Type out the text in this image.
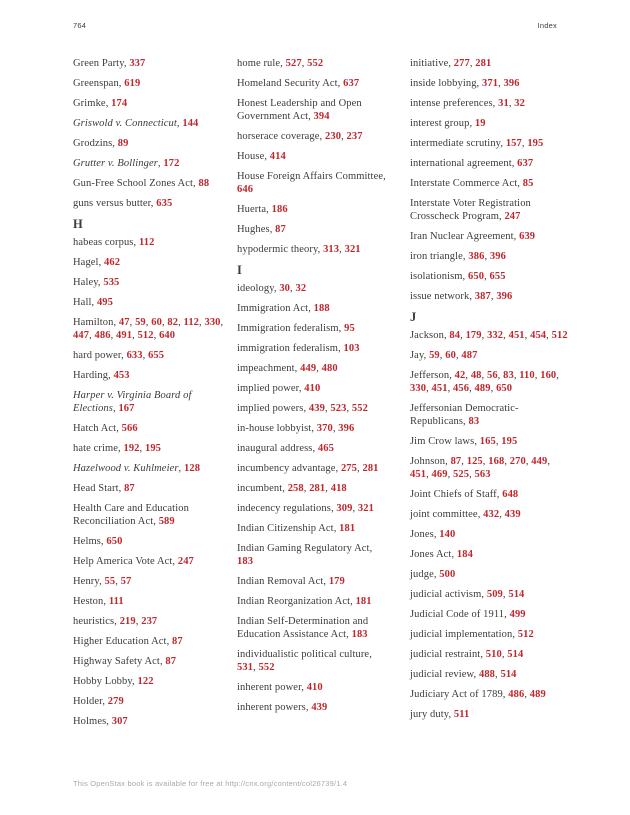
764	Index
Green Party, 337
Greenspan, 619
Grimke, 174
Griswold v. Connecticut, 144
Grodzins, 89
Grutter v. Bollinger, 172
Gun-Free School Zones Act, 88
guns versus butter, 635
H
habeas corpus, 112
Hagel, 462
Haley, 535
Hall, 495
Hamilton, 47, 59, 60, 82, 112, 330, 447, 486, 491, 512, 640
hard power, 633, 655
Harding, 453
Harper v. Virginia Board of Elections, 167
Hatch Act, 566
hate crime, 192, 195
Hazelwood v. Kuhlmeier, 128
Head Start, 87
Health Care and Education Reconciliation Act, 589
Helms, 650
Help America Vote Act, 247
Henry, 55, 57
Heston, 111
heuristics, 219, 237
Higher Education Act, 87
Highway Safety Act, 87
Hobby Lobby, 122
Holder, 279
Holmes, 307
home rule, 527, 552
Homeland Security Act, 637
Honest Leadership and Open Government Act, 394
horserace coverage, 230, 237
House, 414
House Foreign Affairs Committee, 646
Huerta, 186
Hughes, 87
hypodermic theory, 313, 321
I
ideology, 30, 32
Immigration Act, 188
Immigration federalism, 95
immigration federalism, 103
impeachment, 449, 480
implied power, 410
implied powers, 439, 523, 552
in-house lobbyist, 370, 396
inaugural address, 465
incumbency advantage, 275, 281
incumbent, 258, 281, 418
indecency regulations, 309, 321
Indian Citizenship Act, 181
Indian Gaming Regulatory Act, 183
Indian Removal Act, 179
Indian Reorganization Act, 181
Indian Self-Determination and Education Assistance Act, 183
individualistic political culture, 531, 552
inherent power, 410
inherent powers, 439
initiative, 277, 281
inside lobbying, 371, 396
intense preferences, 31, 32
interest group, 19
intermediate scrutiny, 157, 195
international agreement, 637
Interstate Commerce Act, 85
Interstate Voter Registration Crosscheck Program, 247
Iran Nuclear Agreement, 639
iron triangle, 386, 396
isolationism, 650, 655
issue network, 387, 396
J
Jackson, 84, 179, 332, 451, 454, 512
Jay, 59, 60, 487
Jefferson, 42, 48, 56, 83, 110, 160, 330, 451, 456, 489, 650
Jeffersonian Democratic-Republicans, 83
Jim Crow laws, 165, 195
Johnson, 87, 125, 168, 270, 449, 451, 469, 525, 563
Joint Chiefs of Staff, 648
joint committee, 432, 439
Jones, 140
Jones Act, 184
judge, 500
judicial activism, 509, 514
Judicial Code of 1911, 499
judicial implementation, 512
judicial restraint, 510, 514
judicial review, 488, 514
Judiciary Act of 1789, 486, 489
jury duty, 511
This OpenStax book is available for free at http://cnx.org/content/col26739/1.4
